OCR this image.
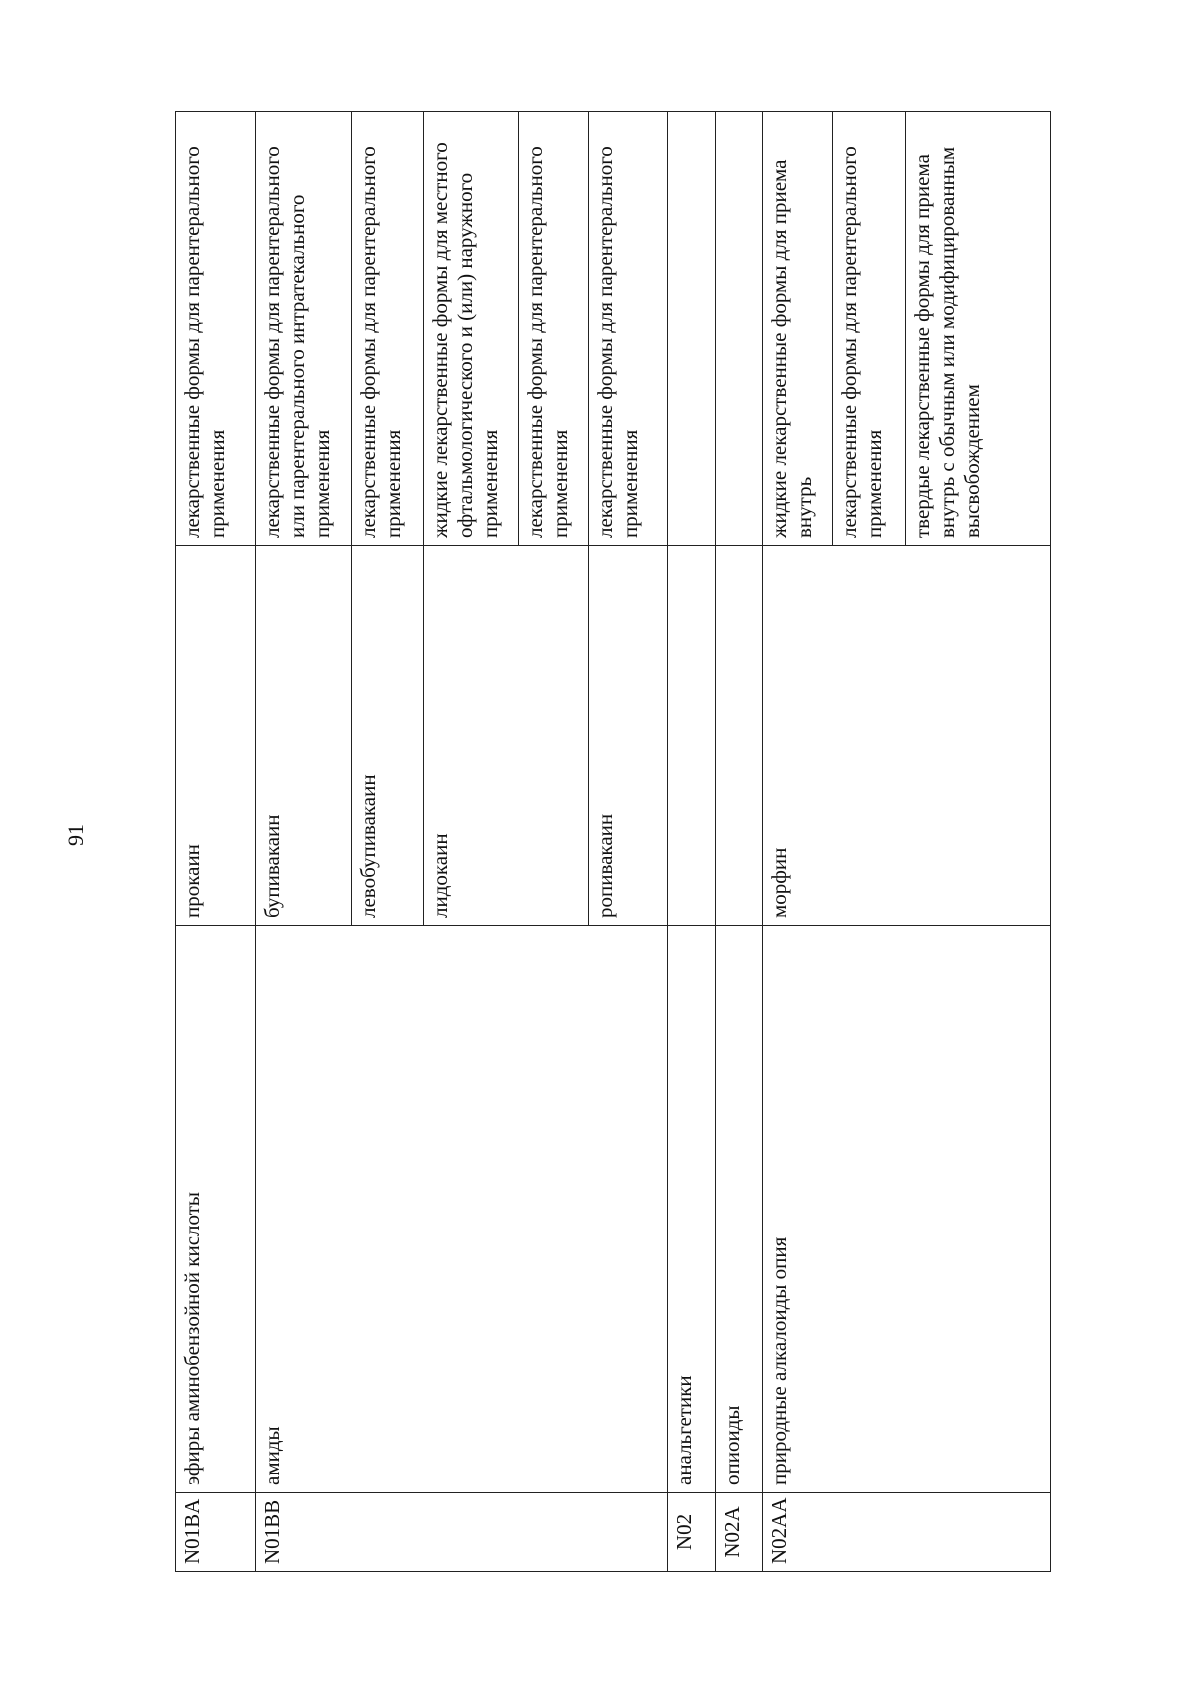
91
N01BA	эфиры аминобензойной кислоты	прокаин	лекарственные формы для парентерального применения
N01BB	амиды	бупивакаин	лекарственные формы для парентерального или парентерального интратекального применения
		левобупивакаин	лекарственные формы для парентерального применения
		лидокаин	жидкие лекарственные формы для местного офтальмологического и (или) наружного применения
			лекарственные формы для парентерального применения
		ропивакаин	лекарственные формы для парентерального применения
N02	анальгетики		
N02A	опиоиды		
N02AA	природные алкалоиды опия	морфин	жидкие лекарственные формы для приема внутрь
			лекарственные формы для парентерального применения
			твердые лекарственные формы для приема внутрь с обычным или модифицированным высвобождением
